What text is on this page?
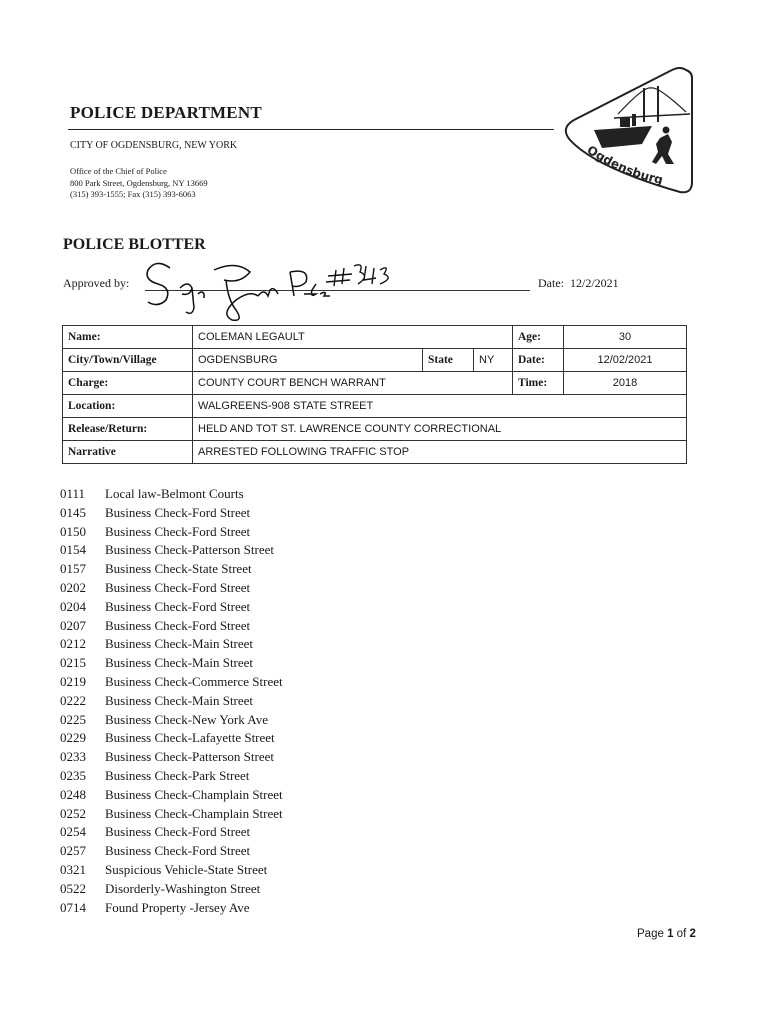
POLICE DEPARTMENT
CITY OF OGDENSBURG, NEW YORK
Office of the Chief of Police
800 Park Street, Ogdensburg, NY 13669
(315) 393-1555; Fax (315) 393-6063
Ogdensburg
POLICE BLOTTER
Approved by:	Date: 12/2/2021
Name:	COLEMAN LEGAULT			Age:	30
City/Town/Village	OGDENSBURG	State	NY	Date:	12/02/2021
Charge:	COUNTY COURT BENCH WARRANT			Time:	2018
Location:	WALGREENS-908 STATE STREET				
Release/Return:	HELD AND TOT ST. LAWRENCE COUNTY CORRECTIONAL				
Narrative	ARRESTED FOLLOWING TRAFFIC STOP				
0111 Local law-Belmont Courts
0145 Business Check-Ford Street
0150 Business Check-Ford Street
0154 Business Check-Patterson Street
0157 Business Check-State Street
0202 Business Check-Ford Street
0204 Business Check-Ford Street
0207 Business Check-Ford Street
0212 Business Check-Main Street
0215 Business Check-Main Street
0219 Business Check-Commerce Street
0222 Business Check-Main Street
0225 Business Check-New York Ave
0229 Business Check-Lafayette Street
0233 Business Check-Patterson Street
0235 Business Check-Park Street
0248 Business Check-Champlain Street
0252 Business Check-Champlain Street
0254 Business Check-Ford Street
0257 Business Check-Ford Street
0321 Suspicious Vehicle-State Street
0522 Disorderly-Washington Street
0714 Found Property -Jersey Ave
Page 1 of 2
